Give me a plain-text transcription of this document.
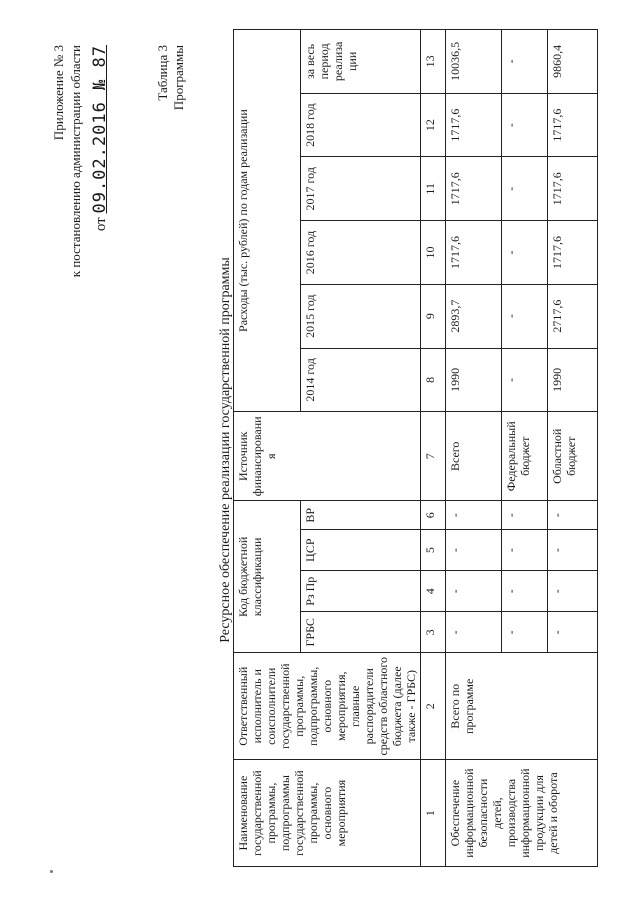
Приложение № 3 к постановлению администрации области от 09.02.2016 № 87	Таблица 3 Программы
Ресурсное обеспечение реализации государственной программы
Наименование государственной программы, подпрограммы государственной программы, основного мероприятия	Ответственный исполнитель и соисполнители государственной программы, подпрограммы, основного мероприятия, главные распорядители средств областного бюджета (далее также - ГРБС)	Код бюджетной классификации				Источник финансировани я	Расходы (тыс. рублей) по годам реализации					
		ГРБС	Рз Пр	ЦСР	ВР		2014 год	2015 год	2016 год	2017 год	2018 год	за весь период реализа ции
1	2	3	4	5	6	7	8	9	10	11	12	13
Обеспечение информационной безопасности детей, производства информационной продукции для детей и оборота	Всего по программе	-	-	-	-	Всего	1990	2893,7	1717,6	1717,6	1717,6	10036,5
		-	-	-	-	Федеральный бюджет	-	-	-	-	-	-
		-	-	-	-	Областной бюджет	1990	2717,6	1717,6	1717,6	1717,6	9860,4
